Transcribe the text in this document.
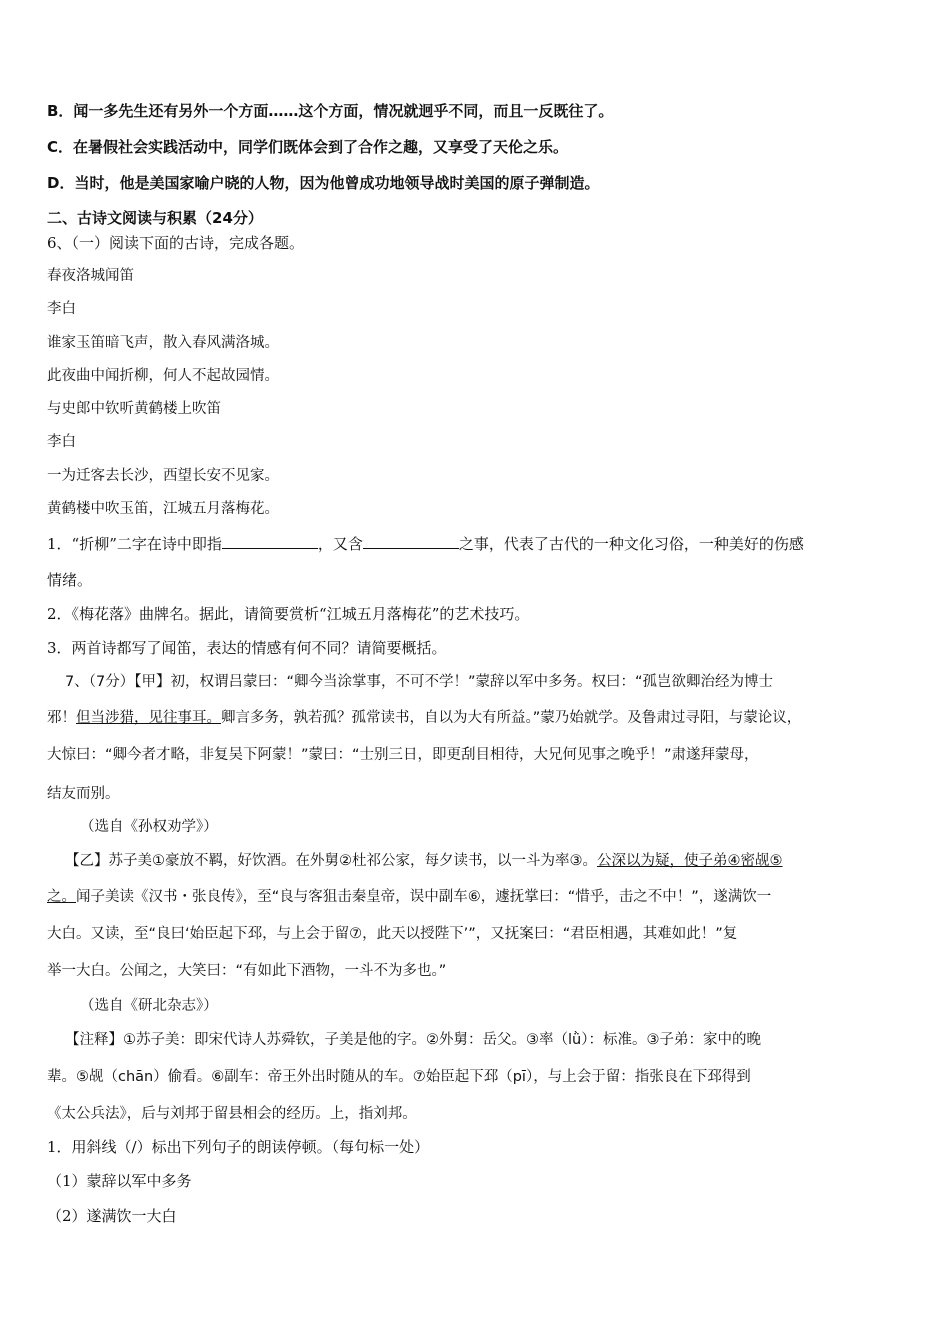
B．闻一多先生还有另外一个方面……这个方面，情况就迥乎不同，而且一反既往了。
C．在暑假社会实践活动中，同学们既体会到了合作之趣，又享受了天伦之乐。
D．当时，他是美国家喻户晓的人物，因为他曾成功地领导战时美国的原子弹制造。
二、古诗文阅读与积累（24分）
6、（一）阅读下面的古诗，完成各题。
春夜洛城闻笛
李白
谁家玉笛暗飞声，散入春风满洛城。
此夜曲中闻折柳，何人不起故园情。
与史郎中钦听黄鹤楼上吹笛
李白
一为迁客去长沙，西望长安不见家。
黄鹤楼中吹玉笛，江城五月落梅花。
1．“折柳”二字在诗中即指	，又含	之事，代表了古代的一种文化习俗，一种美好的伤感
情绪。
2．《梅花落》曲牌名。据此，请简要赏析“江城五月落梅花”的艺术技巧。
3．两首诗都写了闻笛，表达的情感有何不同？请简要概括。
7、（7分）【甲】初，权谓吕蒙曰：“卿今当涂掌事，不可不学！”蒙辞以军中多务。权曰：“孤岂欲卿治经为博士
邪！但当涉猎，见往事耳。卿言多务，孰若孤？孤常读书，自以为大有所益。”蒙乃始就学。及鲁肃过寻阳，与蒙论议，
大惊曰：“卿今者才略，非复吴下阿蒙！”蒙曰：“士别三日，即更刮目相待，大兄何见事之晚乎！”肃遂拜蒙母，
结友而别。
（选自《孙权劝学》）
【乙】苏子美①豪放不羁，好饮酒。在外舅②杜祁公家，每夕读书，以一斗为率③。公深以为疑，使子弟④密觇⑤
之。闻子美读《汉书・张良传》，至“良与客狙击秦皇帝，误中副车⑥，遽抚掌曰：“惜乎，击之不中！”，遂满饮一
大白。又读，至“良曰‘始臣起下邳，与上会于留⑦，此天以授陛下’”，又抚案曰：“君臣相遇，其难如此！”复
举一大白。公闻之，大笑曰：“有如此下酒物，一斗不为多也。”
（选自《研北杂志》）
【注释】①苏子美：即宋代诗人苏舜钦，子美是他的字。②外舅：岳父。③率（lǜ）：标准。③子弟：家中的晚
辈。⑤觇（chān）偷看。⑥副车：帝王外出时随从的车。⑦始臣起下邳（pī），与上会于留：指张良在下邳得到
《太公兵法》，后与刘邦于留县相会的经历。上，指刘邦。
1．用斜线（/）标出下列句子的朗读停顿。（每句标一处）
（1）蒙辞以军中多务
（2）遂满饮一大白
